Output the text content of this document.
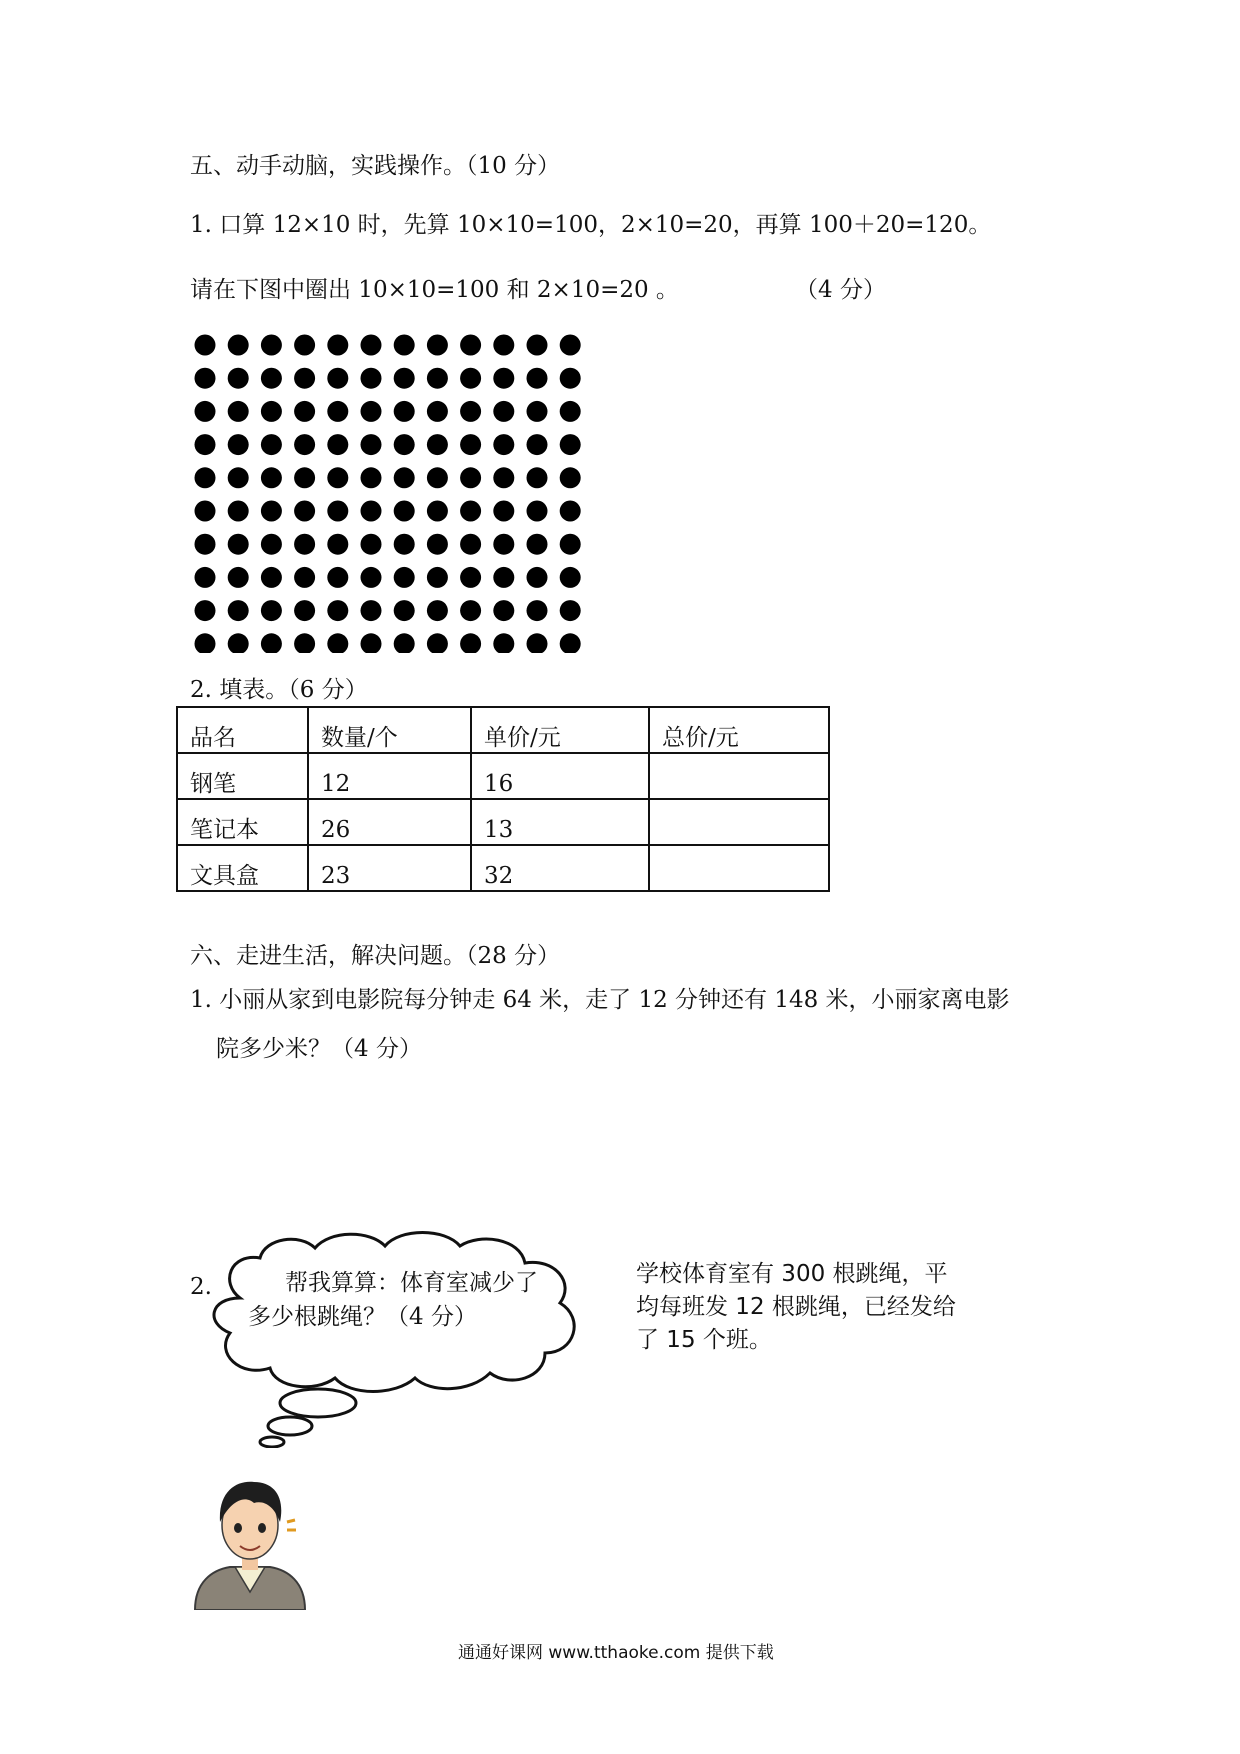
五、动手动脑，实践操作。（10 分）
1. 口算 12×10 时，先算 10×10=100，2×10=20，再算 100＋20=120。
请在下图中圈出 10×10=100 和 2×10=20 。	（4 分）
2. 填表。（6 分）
品名	数量/个	单价/元	总价/元
钢笔	12	16	
笔记本	26	13	
文具盒	23	32	
六、走进生活，解决问题。（28 分）
1. 小丽从家到电影院每分钟走 64 米，走了 12 分钟还有 148 米，小丽家离电影
院多少米？（4 分）
2.	帮我算算：体育室减少了
多少根跳绳？（4 分）
学校体育室有 300 根跳绳，平
均每班发 12 根跳绳，已经发给
了 15 个班。
通通好课网 www.tthaoke.com 提供下载
